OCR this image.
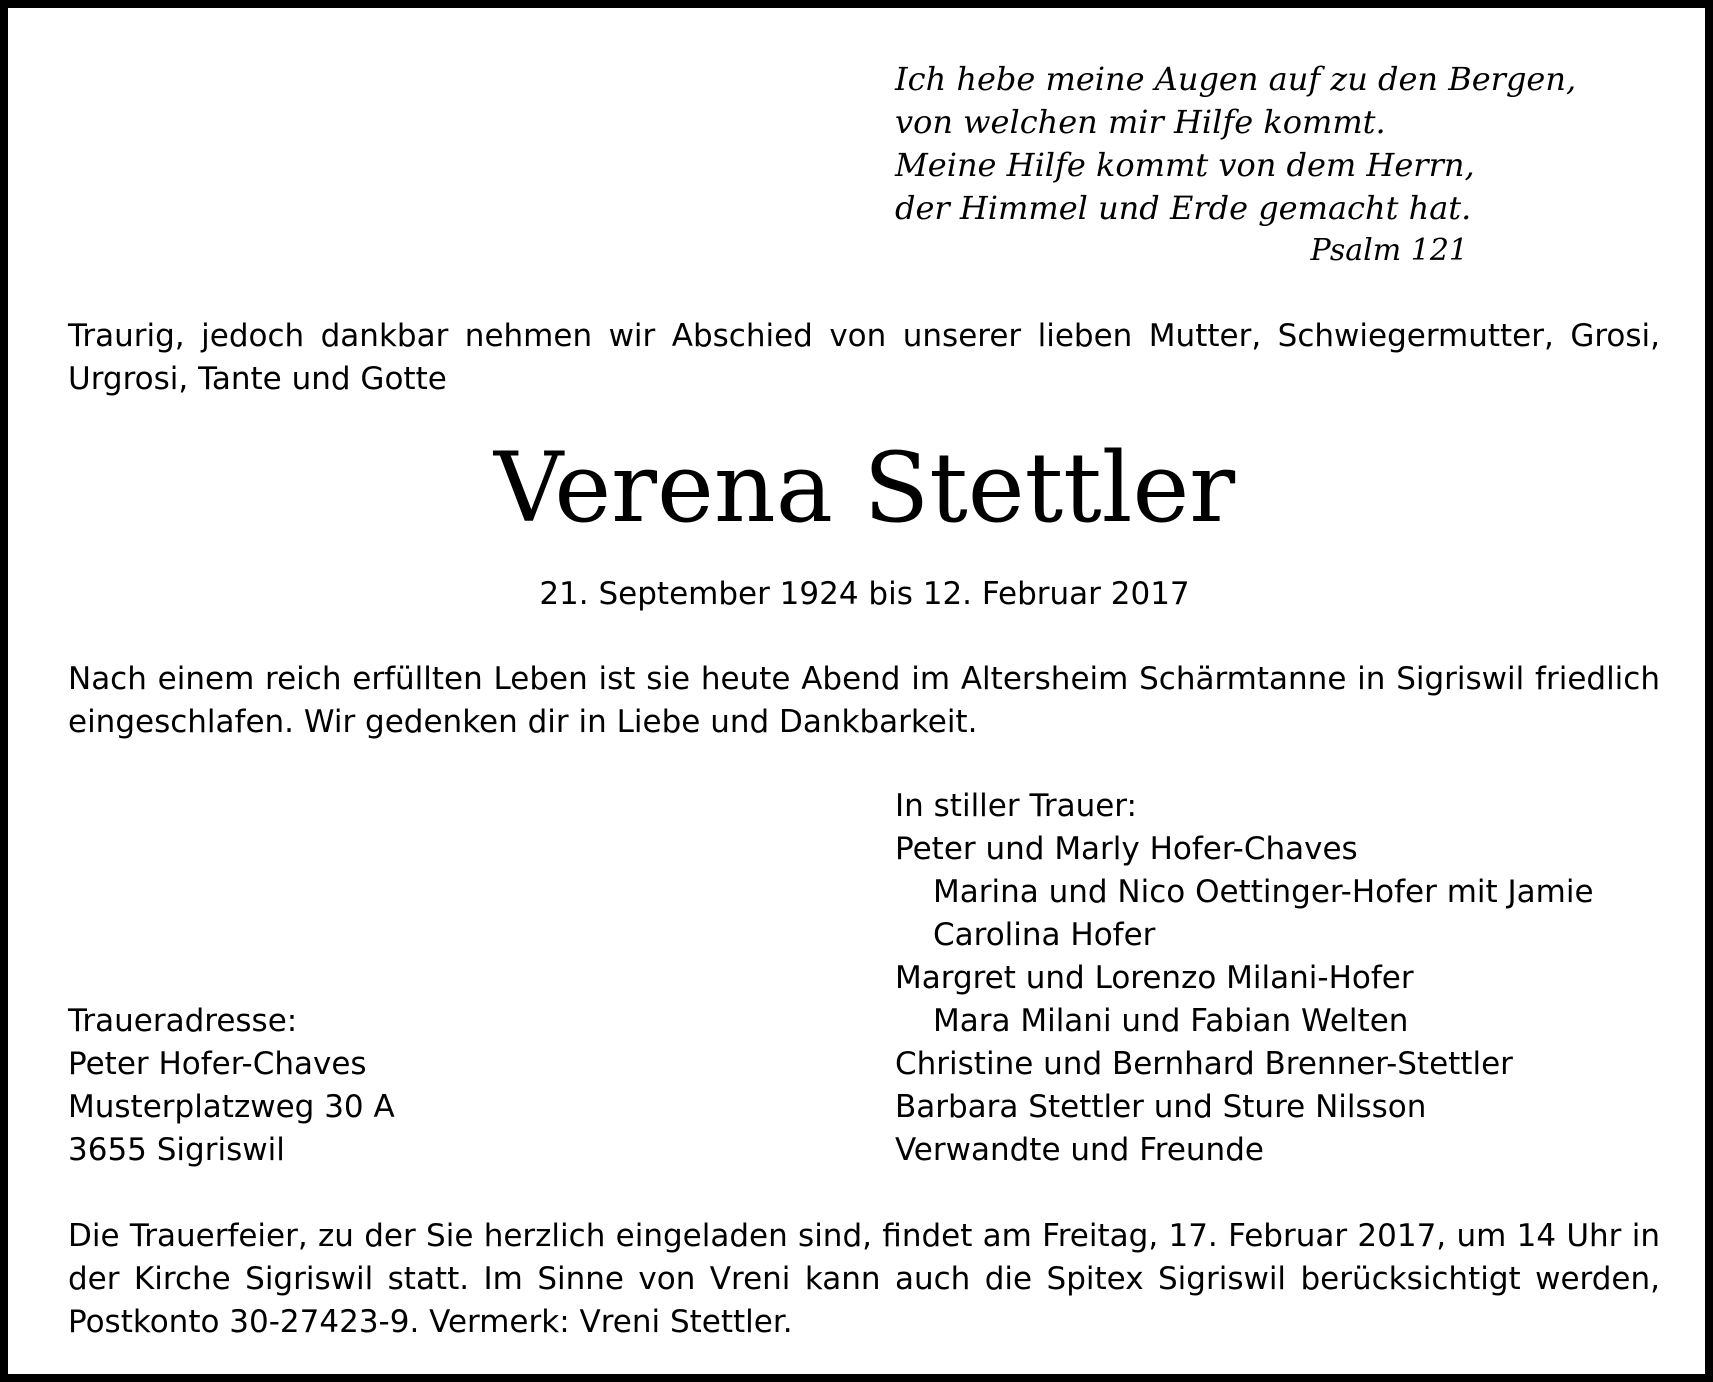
Ich hebe meine Augen auf zu den Bergen,
von welchen mir Hilfe kommt.
Meine Hilfe kommt von dem Herrn,
der Himmel und Erde gemacht hat.
Psalm 121

Traurig, jedoch dankbar nehmen wir Abschied von unserer lieben Mutter, Schwiegermutter, Grosi, Urgrosi, Tante und Gotte

Verena Stettler
21. September 1924 bis 12. Februar 2017

Nach einem reich erfüllten Leben ist sie heute Abend im Altersheim Schärmtanne in Sigriswil friedlich eingeschlafen. Wir gedenken dir in Liebe und Dankbarkeit.

In stiller Trauer:
Peter und Marly Hofer-Chaves
Marina und Nico Oettinger-Hofer mit Jamie
Carolina Hofer
Margret und Lorenzo Milani-Hofer
Mara Milani und Fabian Welten
Christine und Bernhard Brenner-Stettler
Barbara Stettler und Sture Nilsson
Verwandte und Freunde
Traueradresse:
Peter Hofer-Chaves
Musterplatzweg 30 A
3655 Sigriswil

Die Trauerfeier, zu der Sie herzlich eingeladen sind, findet am Freitag, 17. Februar 2017, um 14 Uhr in der Kirche Sigriswil statt. Im Sinne von Vreni kann auch die Spitex Sigriswil berücksichtigt werden, Postkonto 30-27423-9. Vermerk: Vreni Stettler.
